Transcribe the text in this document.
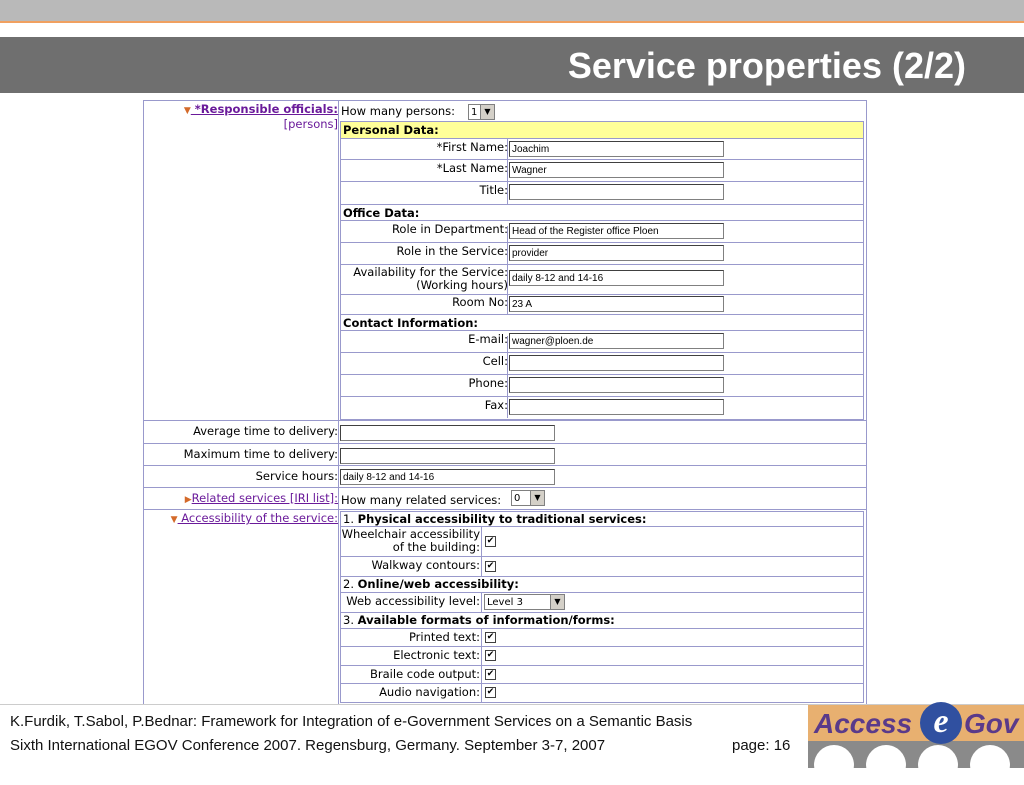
Service properties (2/2)
▼ *Responsible officials:
[persons]
How many persons:	1 ▼
Personal Data:
*First Name: Joachim
*Last Name: Wagner
Title:
Office Data:
Role in Department: Head of the Register office Ploen
Role in the Service: provider
Availability for the Service:
(Working hours) daily 8-12 and 14-16
Room No: 23 A
Contact Information:
E-mail: wagner@ploen.de
Cell:
Phone:
Fax:
Average time to delivery:
Maximum time to delivery:
Service hours: daily 8-12 and 14-16
▶Related services [IRI list]: How many related services:	0	▼
▼ Accessibility of the service: 1. Physical accessibility to traditional services:
Wheelchair accessibility
of the building: ✔
Walkway contours: ✔
2. Online/web accessibility:
Web accessibility level: Level 3	▼
3. Available formats of information/forms:
Printed text: ✔
Electronic text: ✔
Braile code output: ✔
Audio navigation: ✔
K.Furdik, T.Sabol, P.Bednar: Framework for Integration of e-Government Services on a Semantic Basis
Sixth International EGOV Conference 2007. Regensburg, Germany. September 3-7, 2007	page: 16
Access e Gov
